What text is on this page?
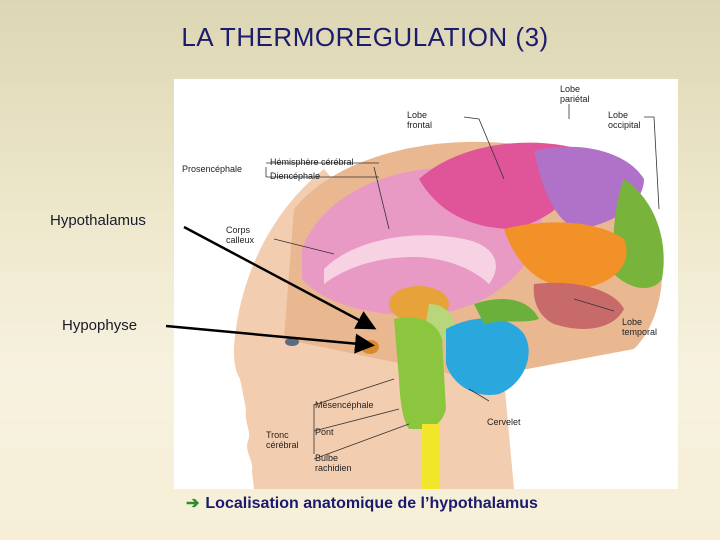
LA THERMOREGULATION (3)
Lobe
pariétal
Lobe
frontal
Lobe
occipital
Prosencéphale
Hémisphère cérébral
Diencéphale
Corps
calleux
Lobe
temporal
Mésencéphale
Tronc
cérébral
Pont
Cervelet
Bulbe
rachidien
Hypothalamus
Hypophyse
➔ Localisation anatomique de l’hypothalamus
